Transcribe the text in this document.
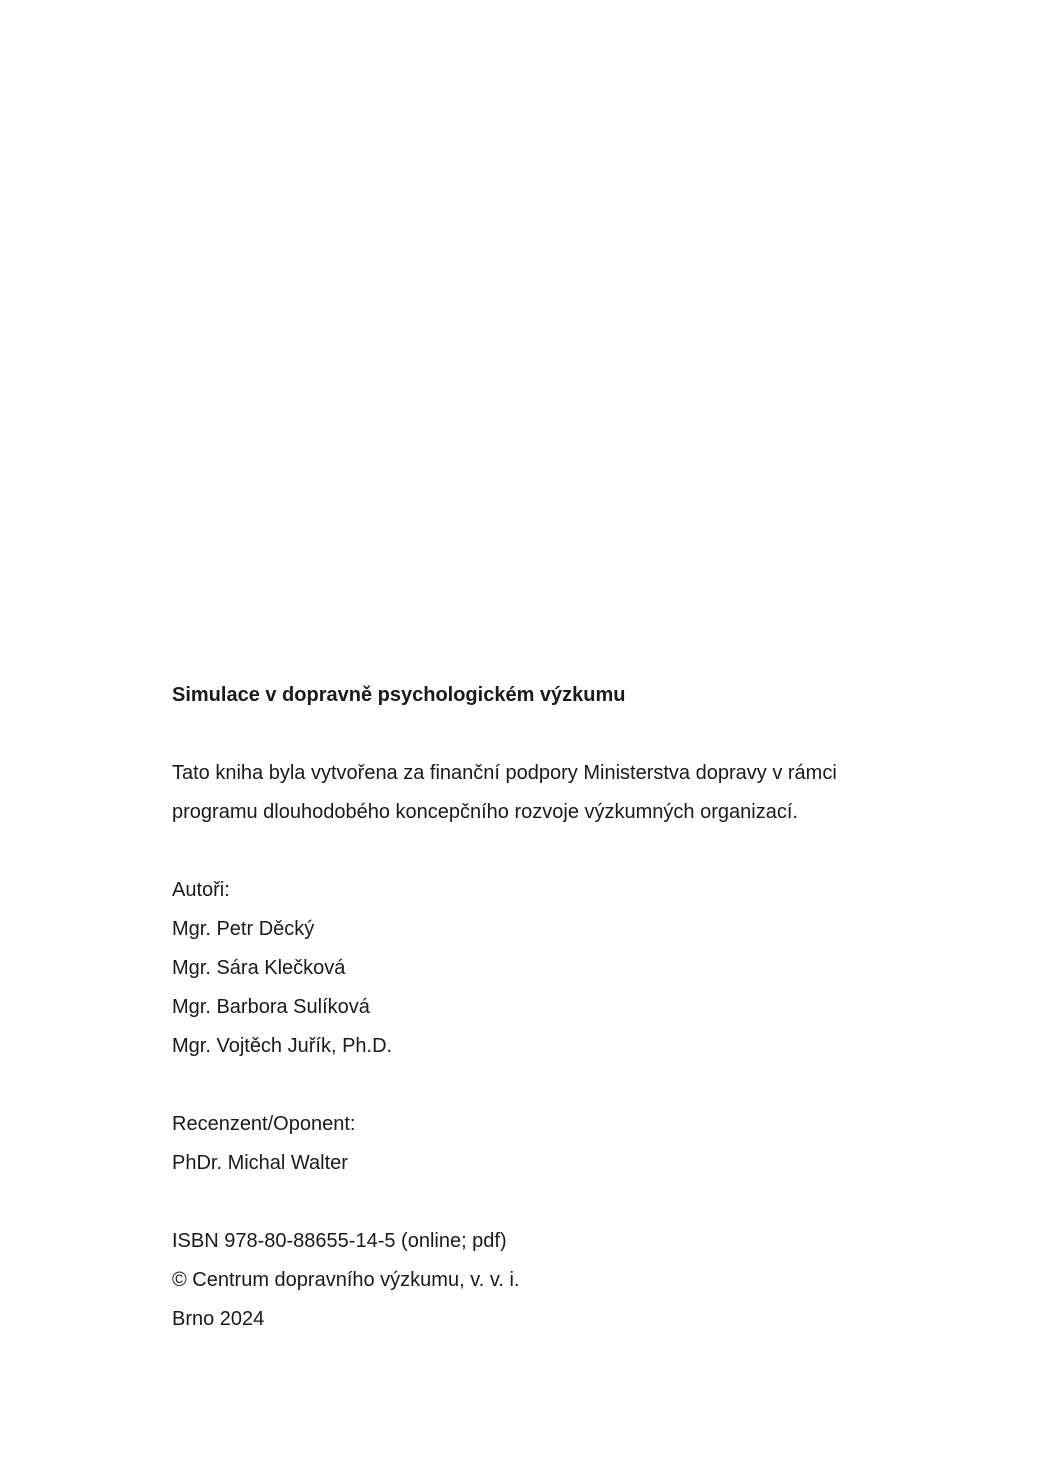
Simulace v dopravně psychologickém výzkumu

Tato kniha byla vytvořena za finanční podpory Ministerstva dopravy v rámci
programu dlouhodobého koncepčního rozvoje výzkumných organizací.
Autoři:
Mgr. Petr Děcký
Mgr. Sára Klečková
Mgr. Barbora Sulíková
Mgr. Vojtěch Juřík, Ph.D.
Recenzent/Oponent:
PhDr. Michal Walter
ISBN 978-80-88655-14-5 (online; pdf)
© Centrum dopravního výzkumu, v. v. i.
Brno 2024
